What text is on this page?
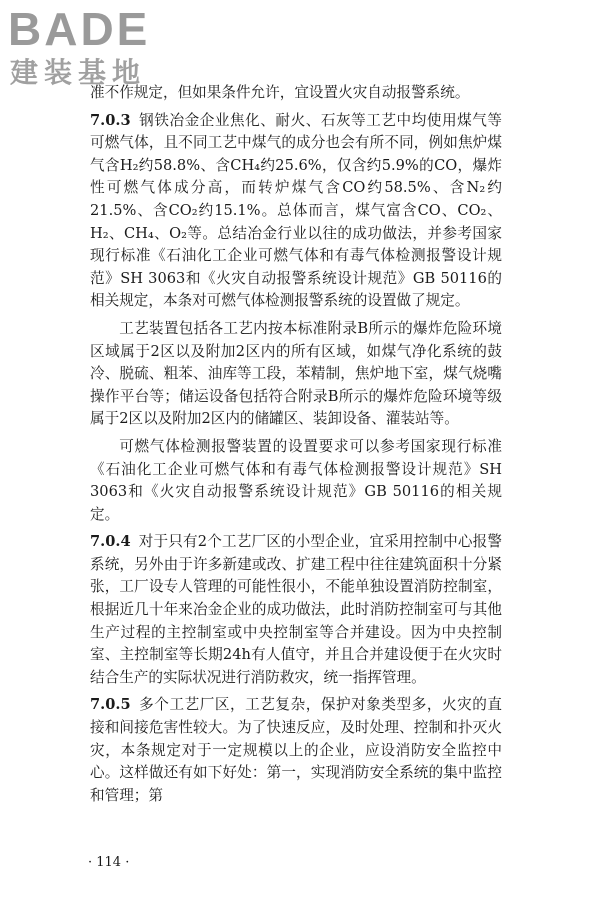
BADE
建装基地

准不作规定，但如果条件允许，宜设置火灾自动报警系统。

7.0.3 钢铁冶金企业焦化、耐火、石灰等工艺中均使用煤气等可燃气体，且不同工艺中煤气的成分也会有所不同，例如焦炉煤气含H₂约58.8%、含CH₄约25.6%，仅含约5.9%的CO，爆炸性可燃气体成分高，而转炉煤气含CO约58.5%、含N₂约21.5%、含CO₂约15.1%。总体而言，煤气富含CO、CO₂、H₂、CH₄、O₂等。总结冶金行业以往的成功做法，并参考国家现行标准《石油化工企业可燃气体和有毒气体检测报警设计规范》SH 3063和《火灾自动报警系统设计规范》GB 50116的相关规定，本条对可燃气体检测报警系统的设置做了规定。

工艺装置包括各工艺内按本标准附录B所示的爆炸危险环境区域属于2区以及附加2区内的所有区域，如煤气净化系统的鼓冷、脱硫、粗苯、油库等工段，苯精制，焦炉地下室，煤气烧嘴操作平台等；储运设备包括符合附录B所示的爆炸危险环境等级属于2区以及附加2区内的储罐区、装卸设备、灌装站等。

可燃气体检测报警装置的设置要求可以参考国家现行标准《石油化工企业可燃气体和有毒气体检测报警设计规范》SH 3063和《火灾自动报警系统设计规范》GB 50116的相关规定。

7.0.4 对于只有2个工艺厂区的小型企业，宜采用控制中心报警系统，另外由于许多新建或改、扩建工程中往往建筑面积十分紧张，工厂设专人管理的可能性很小，不能单独设置消防控制室，根据近几十年来冶金企业的成功做法，此时消防控制室可与其他生产过程的主控制室或中央控制室等合并建设。因为中央控制室、主控制室等长期24h有人值守，并且合并建设便于在火灾时结合生产的实际状况进行消防救灾，统一指挥管理。

7.0.5 多个工艺厂区，工艺复杂，保护对象类型多，火灾的直接和间接危害性较大。为了快速反应，及时处理、控制和扑灭火灾，本条规定对于一定规模以上的企业，应设消防安全监控中心。这样做还有如下好处：第一，实现消防安全系统的集中监控和管理；第

· 114 ·
